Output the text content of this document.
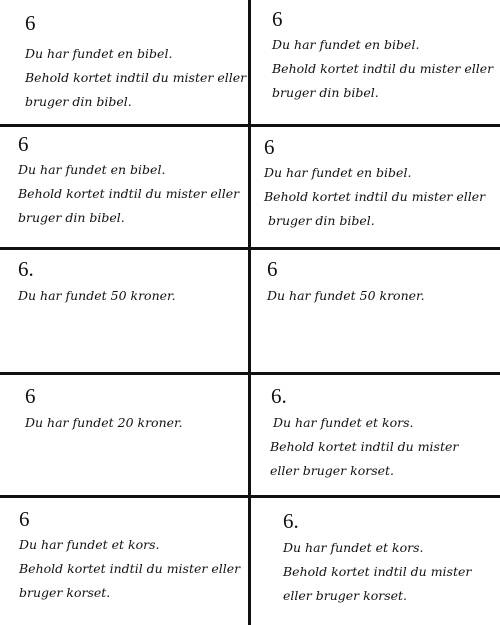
6
Du har fundet en bibel.
Behold kortet indtil du mister eller
bruger din bibel.
6
Du har fundet en bibel.
Behold kortet indtil du mister eller
bruger din bibel.
6
Du har fundet en bibel.
Behold kortet indtil du mister eller
bruger din bibel.
6
Du har fundet en bibel.
Behold kortet indtil du mister eller
bruger din bibel.
6.
Du har fundet 50 kroner.
6
Du har fundet 50 kroner.
6
Du har fundet 20 kroner.
6.
Du har fundet et kors.
Behold kortet indtil du mister
eller bruger korset.
6
Du har fundet et kors.
Behold kortet indtil du mister eller
bruger korset.
6.
Du har fundet et kors.
Behold kortet indtil du mister
eller bruger korset.
